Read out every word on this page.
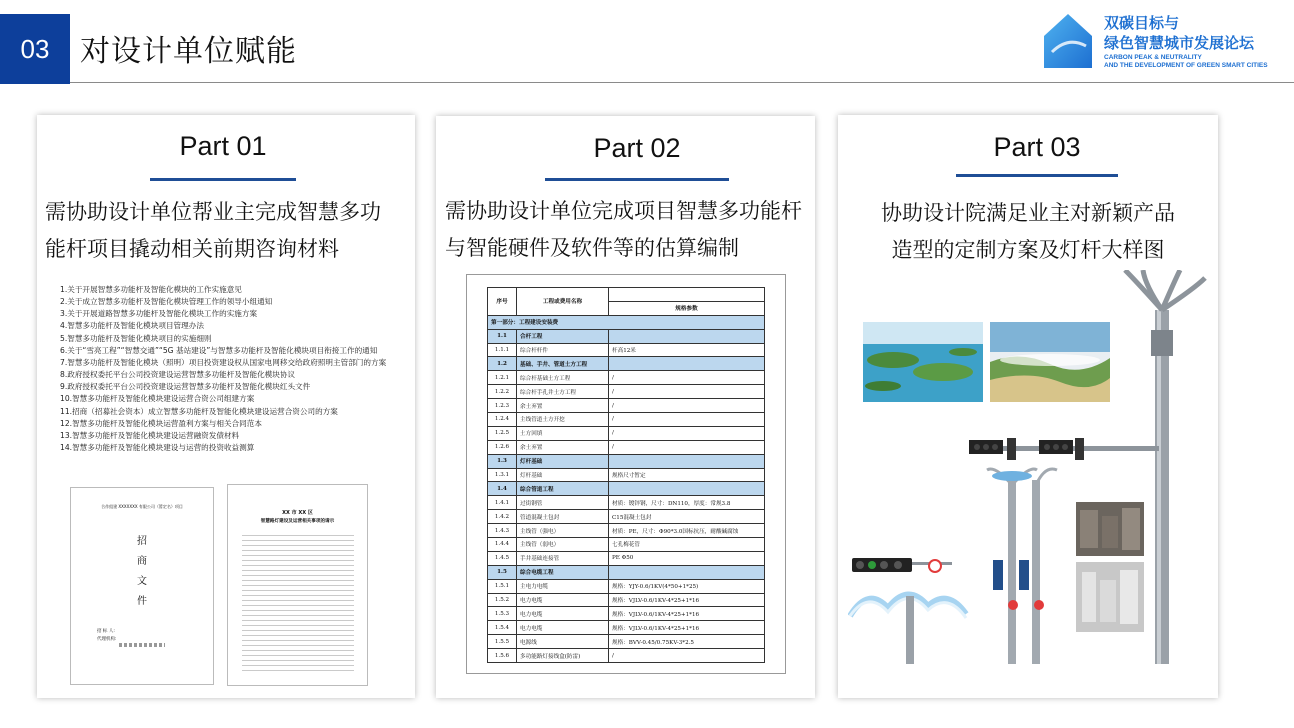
03	对设计单位赋能
双碳目标与
绿色智慧城市发展论坛
CARBON PEAK & NEUTRALITY
AND THE DEVELOPMENT OF GREEN SMART CITIES
Part 01
需协助设计单位帮业主完成智慧多功
能杆项目撬动相关前期咨询材料
1.关于开展智慧多功能杆及智能化模块的工作实施意见
2.关于成立智慧多功能杆及智能化模块管理工作的领导小组通知
3.关于开展道路智慧多功能杆及智能化模块工作的实施方案
4.智慧多功能杆及智能化模块项目管理办法
5.智慧多功能杆及智能化模块项目的实施细则
6.关于“雪亮工程”“智慧交通”“5G 基站建设”与智慧多功能杆及智能化模块项目衔接工作的通知
7.智慧多功能杆及智能化模块（照明）项目投资建设权从国家电网移交给政府照明主管部门的方案
8.政府授权委托平台公司投资建设运营智慧多功能杆及智能化模块协议
9.政府授权委托平台公司投资建设运营智慧多功能杆及智能化模块红头文件
10.智慧多功能杆及智能化模块建设运营合资公司组建方案
11.招商（招募社会资本）成立智慧多功能杆及智能化模块建设运营合资公司的方案
12.智慧多功能杆及智能化模块运营盈利方案与相关合同范本
13.智慧多功能杆及智能化模块建设运营融资发债材料
14.智慧多功能杆及智能化模块建设与运营的投资收益测算
合作组建 XXXXXXX 有限公司（暂定名）项目
招
商
文
件
招 标 人:
代理机构:
XX 市 XX 区
智慧路灯建设及运营相关事项的请示
Part 02
需协助设计单位完成项目智慧多功能杆
与智能硬件及软件等的估算编制
序号	工程或费用名称	
		规格参数
第一部分：工程建设安装费		
1.1	合杆工程	
1.1.1	综合杆杆件	杆高12米
1.2	基础、手井、管道土方工程	
1.2.1	综合杆基础土方工程	/
1.2.2	综合杆手孔井土方工程	/
1.2.3	余土弃置	/
1.2.4	主线管道土方开挖	/
1.2.5	土方回填	/
1.2.6	余土弃置	/
1.3	灯杆基础	
1.3.1	灯杆基础	规格尺寸暂定
1.4	综合管道工程	
1.4.1	过街钢管	材质：镀锌钢，尺寸：DN110，厚度：常规3.8
1.4.2	管道混凝土包封	C15混凝土包封
1.4.3	主线管（强电）	材质：PE，尺寸：Φ90*3.0国标抗压，耐酸碱腐蚀
1.4.4	主线管（弱电）	七孔梅花管
1.4.5	手井基础连接管	PE Φ50
1.5	综合电缆工程	
1.5.1	主电力电缆	规格：YJY-0.6/1KV(4*50+1*25)
1.5.2	电力电缆	规格：VJLV-0.6/1KV-4*25+1*16
1.5.3	电力电缆	规格：VJLV-0.6/1KV-4*25+1*16
1.5.4	电力电缆	规格：VJLV-0.6/1KV-4*25+1*16
1.5.5	电源线	规格：BVV-0.45/0.75KV-3*2.5
1.5.6	多功能路灯接线盒(防雷)	/
Part 03
协助设计院满足业主对新颖产品
造型的定制方案及灯杆大样图
